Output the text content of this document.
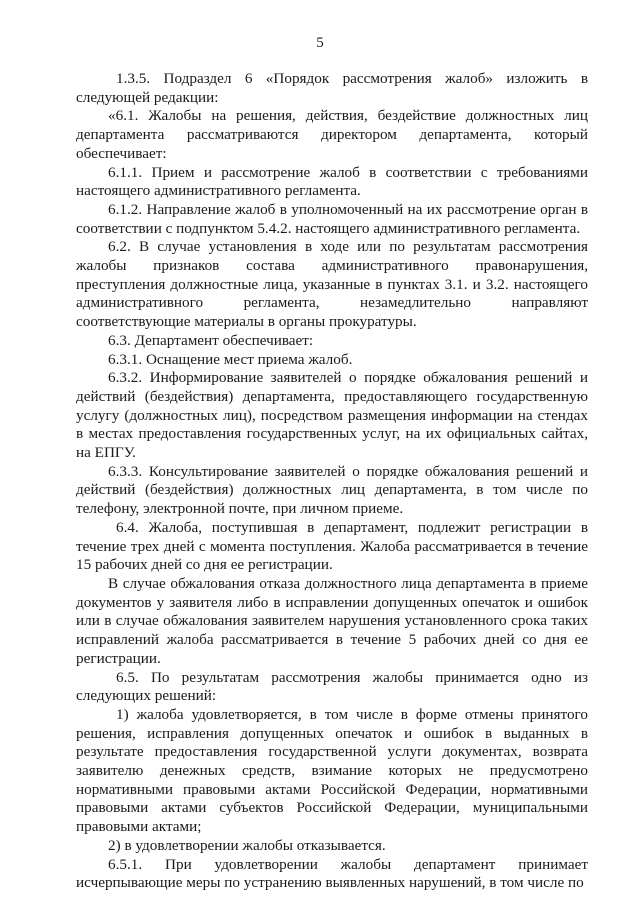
5

1.3.5. Подраздел 6 «Порядок рассмотрения жалоб» изложить в следующей редакции:

«6.1. Жалобы на решения, действия, бездействие должностных лиц департамента рассматриваются директором департамента, который обеспечивает:

6.1.1. Прием и рассмотрение жалоб в соответствии с требованиями настоящего административного регламента.

6.1.2. Направление жалоб в уполномоченный на их рассмотрение орган в соответствии с подпунктом 5.4.2. настоящего административного регламента.

6.2. В случае установления в ходе или по результатам рассмотрения жалобы признаков состава административного правонарушения, преступления должностные лица, указанные в пунктах 3.1. и 3.2. настоящего административного регламента, незамедлительно направляют соответствующие материалы в органы прокуратуры.

6.3. Департамент обеспечивает:

6.3.1. Оснащение мест приема жалоб.

6.3.2. Информирование заявителей о порядке обжалования решений и действий (бездействия) департамента, предоставляющего государственную услугу (должностных лиц), посредством размещения информации на стендах в местах предоставления государственных услуг, на их официальных сайтах, на ЕПГУ.

6.3.3. Консультирование заявителей о порядке обжалования решений и действий (бездействия) должностных лиц департамента, в том числе по телефону, электронной почте, при личном приеме.

6.4. Жалоба, поступившая в департамент, подлежит регистрации в течение трех дней с момента поступления. Жалоба рассматривается в течение 15 рабочих дней со дня ее регистрации.

В случае обжалования отказа должностного лица департамента в приеме документов у заявителя либо в исправлении допущенных опечаток и ошибок или в случае обжалования заявителем нарушения установленного срока таких исправлений жалоба рассматривается в течение 5 рабочих дней со дня ее регистрации.

6.5. По результатам рассмотрения жалобы принимается одно из следующих решений:

1) жалоба удовлетворяется, в том числе в форме отмены принятого решения, исправления допущенных опечаток и ошибок в выданных в результате предоставления государственной услуги документах, возврата заявителю денежных средств, взимание которых не предусмотрено нормативными правовыми актами Российской Федерации, нормативными правовыми актами субъектов Российской Федерации, муниципальными правовыми актами;

2) в удовлетворении жалобы отказывается.

6.5.1. При удовлетворении жалобы департамент принимает исчерпывающие меры по устранению выявленных нарушений, в том числе по
